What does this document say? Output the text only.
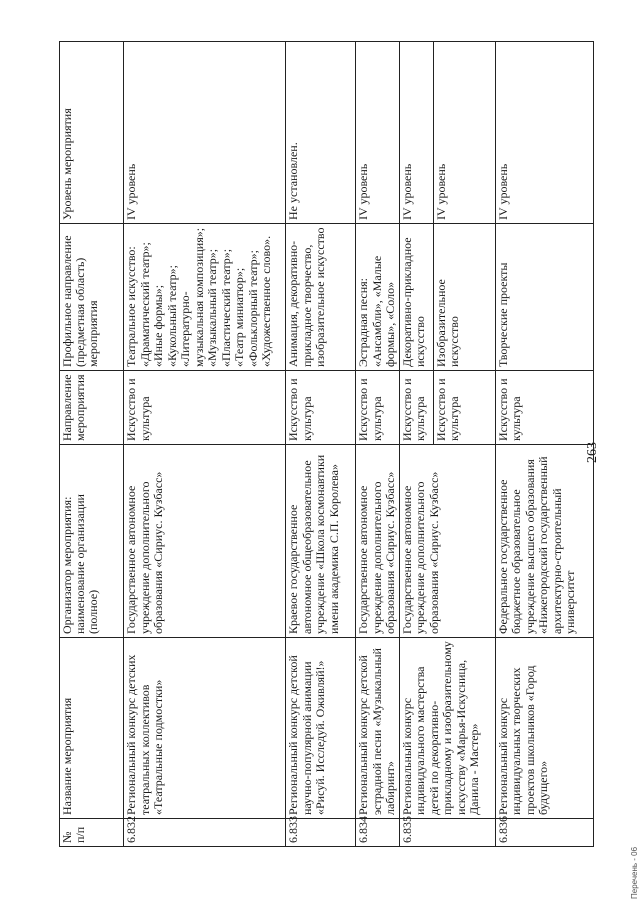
263
№ п/п	Название мероприятия	Организатор мероприятия: наименование организации (полное)	Направление мероприятия	Профильное направление (предметная область) мероприятия	Уровень мероприятия
6.832	Региональный конкурс детских театральных коллективов «Театральные подмостки»	Государственное автономное учреждение дополнительного образования «Сириус. Кузбасс»	Искусство и культура	Театральное искусство: «Драматический театр»; «Иные формы»; «Кукольный театр»; «Литературно-музыкальная композиция»; «Музыкальный театр»; «Пластический театр»; «Театр миниатюр»; «Фольклорный театр»; «Художественное слово».	IV уровень
6.833	Региональный конкурс детской научно-популярной анимации «Рисуй. Исследуй. Оживляй!»	Краевое государственное автономное общеобразовательное учреждение «Школа космонавтики имени академика С.П. Королева»	Искусство и культура	Анимация, декоративно-прикладное творчество, изобразительное искусство	Не установлен.
6.834	Региональный конкурс детской эстрадной песни «Музыкальный лабиринт»	Государственное автономное учреждение дополнительного образования «Сириус. Кузбасс»	Искусство и культура	Эстрадная песня: «Ансамбли», «Малые формы», «Соло»	IV уровень
6.835	Региональный конкурс индивидуального мастерства детей по декоративно-прикладному и изобразительному искусству «Марья-Искусница, Данила - Мастер»	Государственное автономное учреждение дополнительного образования «Сириус. Кузбасс»	Искусство и культура	Декоративно-прикладное искусство	IV уровень
			Искусство и культура	Изобразительное искусство	IV уровень
6.836	Региональный конкурс индивидуальных творческих проектов школьников «Город будущего»	Федеральное государственное бюджетное образовательное учреждение высшего образования «Нижегородский государственный архитектурно-строительный университет	Искусство и культура	Творческие проекты	IV уровень
Перечень - 06
